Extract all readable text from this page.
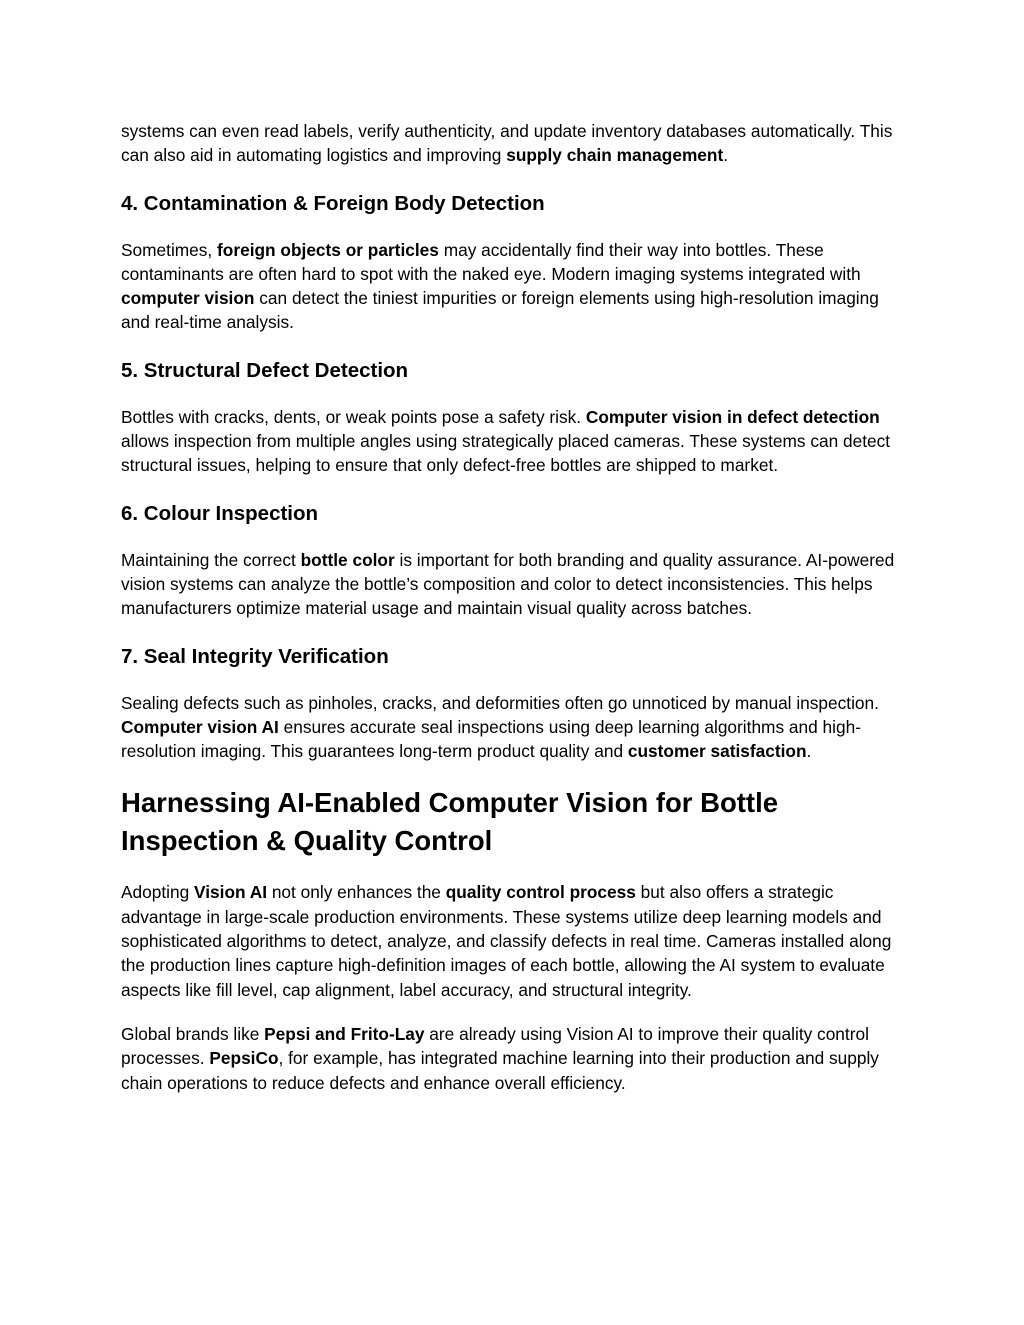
systems can even read labels, verify authenticity, and update inventory databases automatically. This can also aid in automating logistics and improving supply chain management.

4. Contamination & Foreign Body Detection

Sometimes, foreign objects or particles may accidentally find their way into bottles. These contaminants are often hard to spot with the naked eye. Modern imaging systems integrated with computer vision can detect the tiniest impurities or foreign elements using high-resolution imaging and real-time analysis.

5. Structural Defect Detection

Bottles with cracks, dents, or weak points pose a safety risk. Computer vision in defect detection allows inspection from multiple angles using strategically placed cameras. These systems can detect structural issues, helping to ensure that only defect-free bottles are shipped to market.

6. Colour Inspection

Maintaining the correct bottle color is important for both branding and quality assurance. AI-powered vision systems can analyze the bottle’s composition and color to detect inconsistencies. This helps manufacturers optimize material usage and maintain visual quality across batches.

7. Seal Integrity Verification

Sealing defects such as pinholes, cracks, and deformities often go unnoticed by manual inspection. Computer vision AI ensures accurate seal inspections using deep learning algorithms and high-resolution imaging. This guarantees long-term product quality and customer satisfaction.

Harnessing AI-Enabled Computer Vision for Bottle Inspection & Quality Control

Adopting Vision AI not only enhances the quality control process but also offers a strategic advantage in large-scale production environments. These systems utilize deep learning models and sophisticated algorithms to detect, analyze, and classify defects in real time. Cameras installed along the production lines capture high-definition images of each bottle, allowing the AI system to evaluate aspects like fill level, cap alignment, label accuracy, and structural integrity.

Global brands like Pepsi and Frito-Lay are already using Vision AI to improve their quality control processes. PepsiCo, for example, has integrated machine learning into their production and supply chain operations to reduce defects and enhance overall efficiency.
